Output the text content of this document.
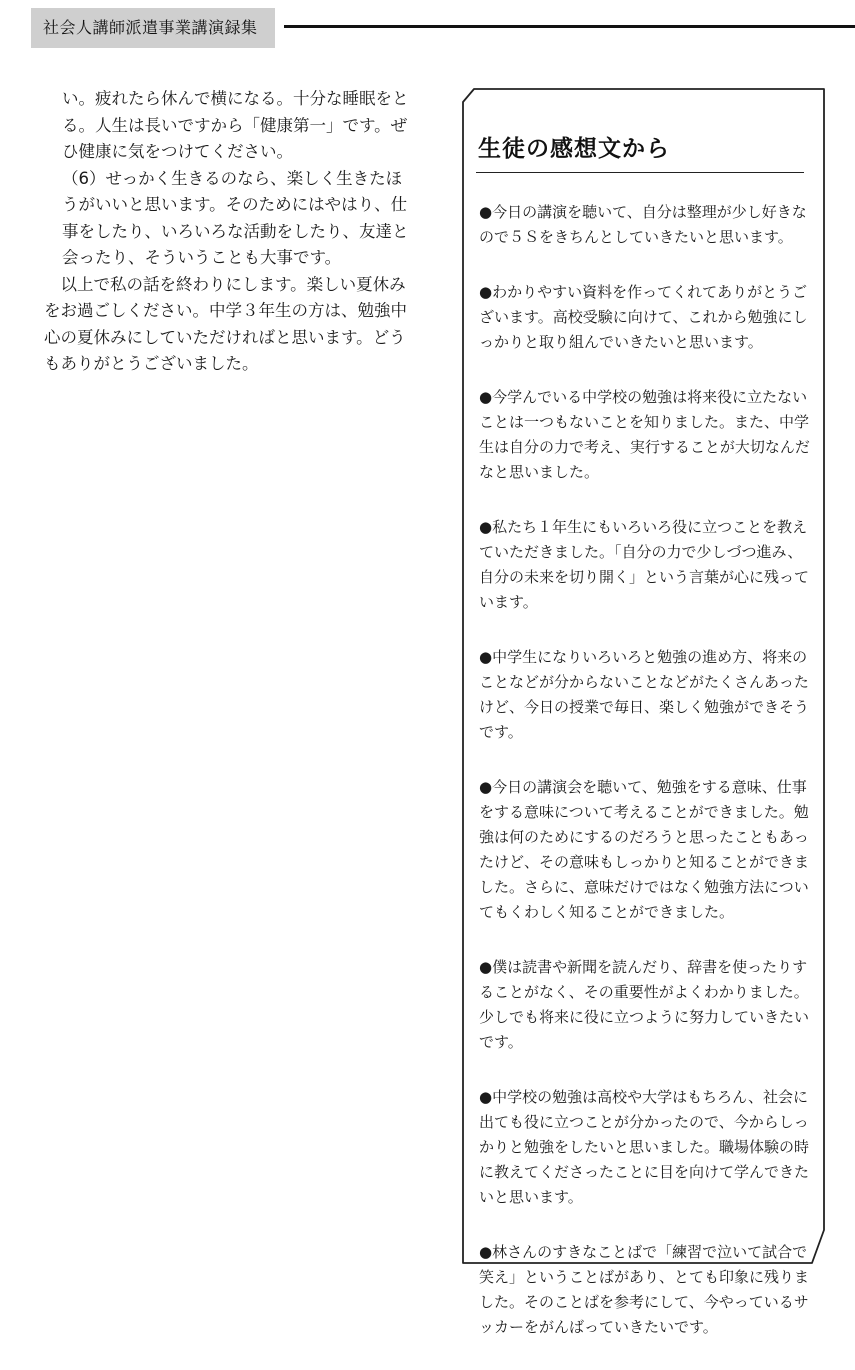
社会人講師派遣事業講演録集

い。疲れたら休んで横になる。十分な睡眠をとる。人生は長いですから「健康第一」です。ぜひ健康に気をつけてください。

（6）せっかく生きるのなら、楽しく生きたほうがいいと思います。そのためにはやはり、仕事をしたり、いろいろな活動をしたり、友達と会ったり、そういうことも大事です。

　以上で私の話を終わりにします。楽しい夏休みをお過ごしください。中学３年生の方は、勉強中心の夏休みにしていただければと思います。どうもありがとうございました。

生徒の感想文から

●今日の講演を聴いて、自分は整理が少し好きなので５Ｓをきちんとしていきたいと思います。

●わかりやすい資料を作ってくれてありがとうございます。高校受験に向けて、これから勉強にしっかりと取り組んでいきたいと思います。

●今学んでいる中学校の勉強は将来役に立たないことは一つもないことを知りました。また、中学生は自分の力で考え、実行することが大切なんだなと思いました。

●私たち１年生にもいろいろ役に立つことを教えていただきました。「自分の力で少しづつ進み、自分の未来を切り開く」という言葉が心に残っています。

●中学生になりいろいろと勉強の進め方、将来のことなどが分からないことなどがたくさんあったけど、今日の授業で毎日、楽しく勉強ができそうです。

●今日の講演会を聴いて、勉強をする意味、仕事をする意味について考えることができました。勉強は何のためにするのだろうと思ったこともあったけど、その意味もしっかりと知ることができました。さらに、意味だけではなく勉強方法についてもくわしく知ることができました。

●僕は読書や新聞を読んだり、辞書を使ったりすることがなく、その重要性がよくわかりました。少しでも将来に役に立つように努力していきたいです。

●中学校の勉強は高校や大学はもちろん、社会に出ても役に立つことが分かったので、今からしっかりと勉強をしたいと思いました。職場体験の時に教えてくださったことに目を向けて学んできたいと思います。

●林さんのすきなことばで「練習で泣いて試合で笑え」ということばがあり、とても印象に残りました。そのことばを参考にして、今やっているサッカーをがんばっていきたいです。
